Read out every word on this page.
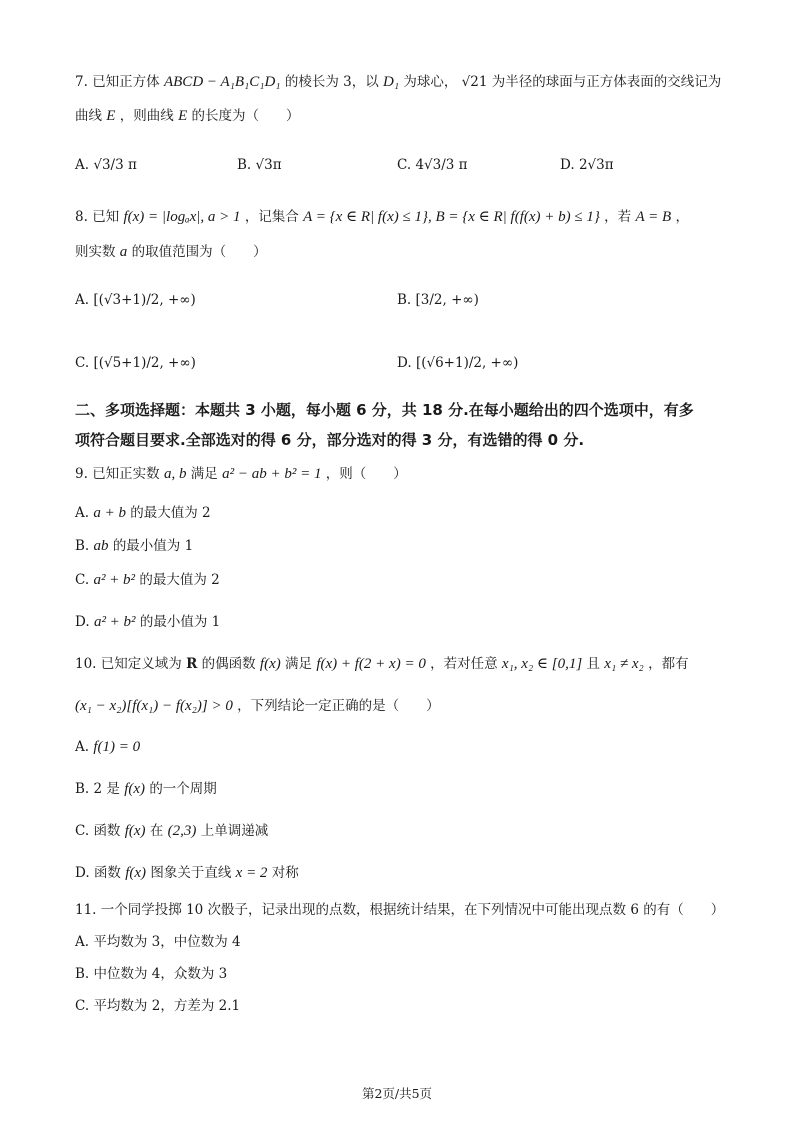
7. 已知正方体 ABCD − A₁B₁C₁D₁ 的棱长为 3，以 D₁ 为球心， √21 为半径的球面与正方体表面的交线记为
曲线 E ，则曲线 E 的长度为（　　）
A. √3/3 π	B. √3π	C. 4√3/3 π	D. 2√3π
8. 已知 f(x) = |logₐx|, a > 1 ，记集合 A = {x ∈ R| f(x) ≤ 1}, B = {x ∈ R| f(f(x) + b) ≤ 1} ，若 A = B ，
则实数 a 的取值范围为（　　）
A. [(√3+1)/2, +∞)	B. [3/2, +∞)
C. [(√5+1)/2, +∞)	D. [(√6+1)/2, +∞)
二、多项选择题：本题共 3 小题，每小题 6 分，共 18 分.在每小题给出的四个选项中，有多
项符合题目要求.全部选对的得 6 分，部分选对的得 3 分，有选错的得 0 分.
9. 已知正实数 a, b 满足 a² − ab + b² = 1 ，则（　　）
A. a + b 的最大值为 2
B. ab 的最小值为 1
C. a² + b² 的最大值为 2
D. a² + b² 的最小值为 1
10. 已知定义域为 R 的偶函数 f(x) 满足 f(x) + f(2 + x) = 0 ，若对任意 x₁, x₂ ∈ [0,1] 且 x₁ ≠ x₂ ，都有
(x₁ − x₂)[f(x₁) − f(x₂)] > 0 ，下列结论一定正确的是（　　）
A. f(1) = 0
B. 2 是 f(x) 的一个周期
C. 函数 f(x) 在 (2,3) 上单调递减
D. 函数 f(x) 图象关于直线 x = 2 对称
11. 一个同学投掷 10 次骰子，记录出现的点数，根据统计结果，在下列情况中可能出现点数 6 的有（　　）
A. 平均数为 3，中位数为 4
B. 中位数为 4，众数为 3
C. 平均数为 2，方差为 2.1
第2页/共5页
